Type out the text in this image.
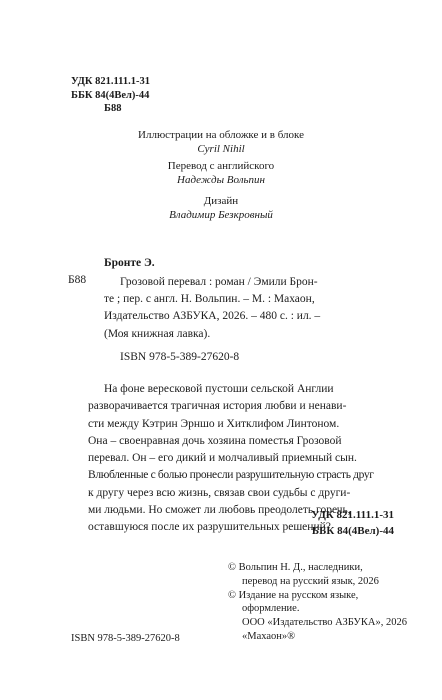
УДК 821.111.1-31
ББК 84(4Вел)-44
Б88
Иллюстрации на обложке и в блоке
Cyril Nihil
Перевод с английского
Надежды Вольпин
Дизайн
Владимир Безкровный
Бронте Э.
Б88	Грозовой перевал : роман / Эмили Брон-
те ; пер. с англ. Н. Вольпин. – М. : Махаон,
Издательство АЗБУКА, 2026. – 480 с. : ил. –
(Моя книжная лавка).
ISBN 978-5-389-27620-8
На фоне вересковой пустоши сельской Англии
разворачивается трагичная история любви и ненави-
сти между Кэтрин Эрншо и Хитклифом Линтоном.
Она – своенравная дочь хозяина поместья Грозовой
перевал. Он – его дикий и молчаливый приемный сын.
Влюбленные с болью пронесли разрушительную страсть друг
к другу через всю жизнь, связав свои судьбы с други-
ми людьми. Но сможет ли любовь преодолеть горечь,
оставшуюся после их разрушительных решений?
УДК 821.111.1-31
ББК 84(4Вел)-44
© Вольпин Н. Д., наследники,
перевод на русский язык, 2026
© Издание на русском языке,
оформление.
ООО «Издательство АЗБУКА», 2026
«Махаон»®
ISBN 978-5-389-27620-8
